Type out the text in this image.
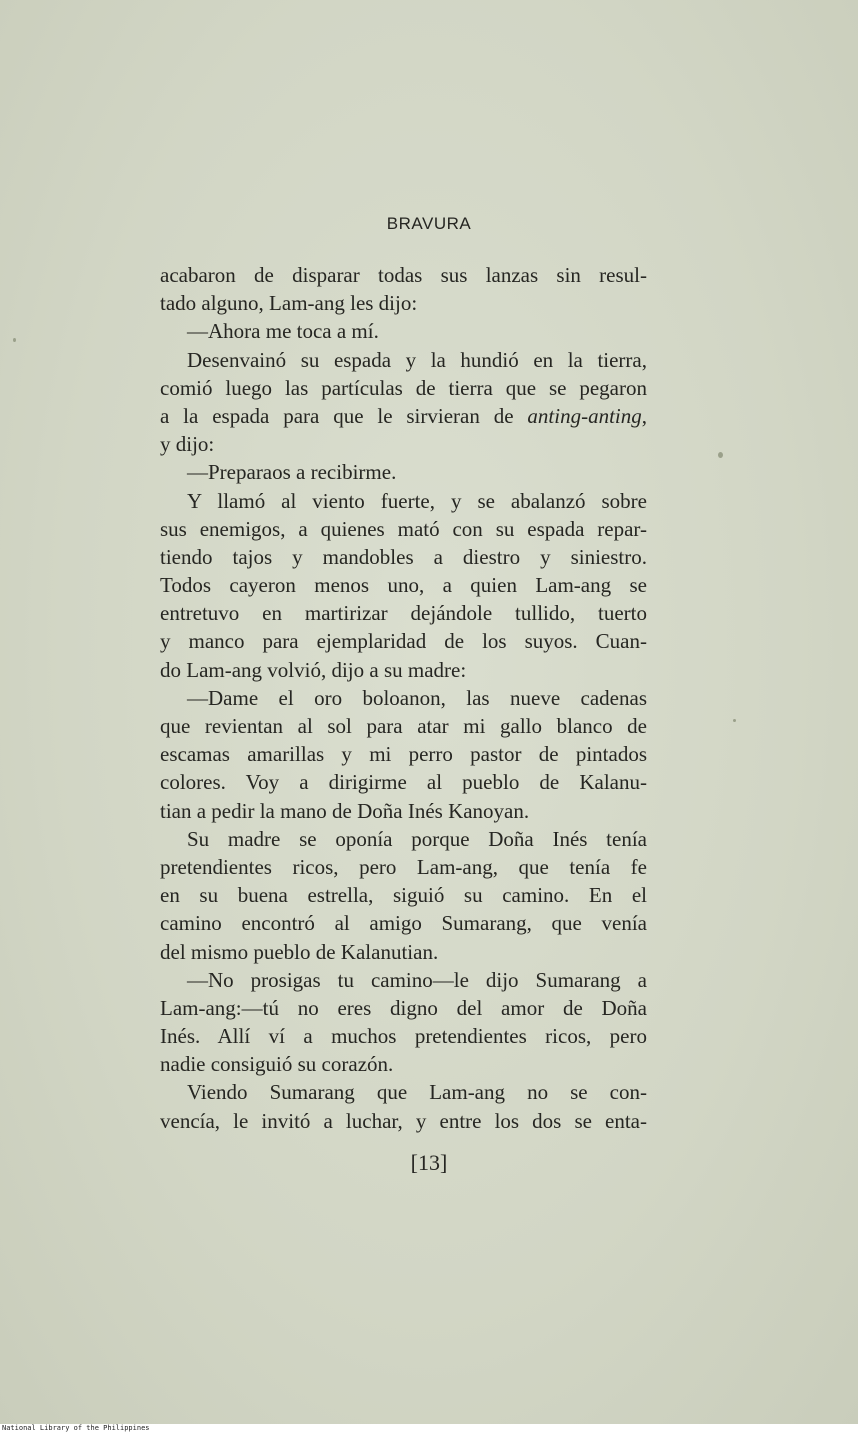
BRAVURA
acabaron de disparar todas sus lanzas sin resul-
tado alguno, Lam-ang les dijo:
—Ahora me toca a mí.
Desenvainó su espada y la hundió en la tierra,
comió luego las partículas de tierra que se pegaron
a la espada para que le sirvieran de anting-anting,
y dijo:
—Preparaos a recibirme.
Y llamó al viento fuerte, y se abalanzó sobre
sus enemigos, a quienes mató con su espada repar-
tiendo tajos y mandobles a diestro y siniestro.
Todos cayeron menos uno, a quien Lam-ang se
entretuvo en martirizar dejándole tullido, tuerto
y manco para ejemplaridad de los suyos. Cuan-
do Lam-ang volvió, dijo a su madre:
—Dame el oro boloanon, las nueve cadenas
que revientan al sol para atar mi gallo blanco de
escamas amarillas y mi perro pastor de pintados
colores. Voy a dirigirme al pueblo de Kalanu-
tian a pedir la mano de Doña Inés Kanoyan.
Su madre se oponía porque Doña Inés tenía
pretendientes ricos, pero Lam-ang, que tenía fe
en su buena estrella, siguió su camino. En el
camino encontró al amigo Sumarang, que venía
del mismo pueblo de Kalanutian.
—No prosigas tu camino—le dijo Sumarang a
Lam-ang:—tú no eres digno del amor de Doña
Inés. Allí ví a muchos pretendientes ricos, pero
nadie consiguió su corazón.
Viendo Sumarang que Lam-ang no se con-
vencía, le invitó a luchar, y entre los dos se enta-
[13]
National Library of the Philippines
